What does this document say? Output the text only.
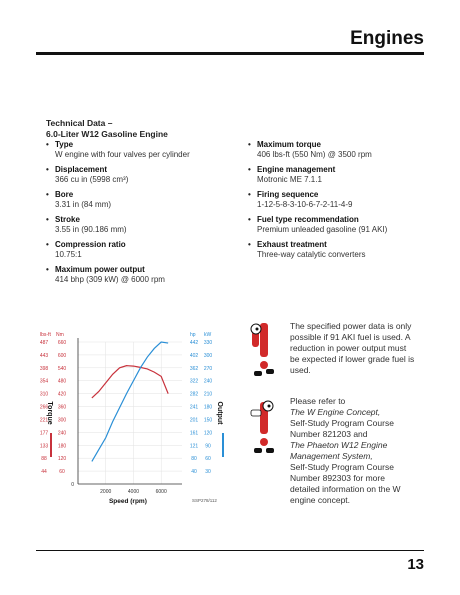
Engines
Technical Data –
6.0-Liter W12 Gasoline Engine
• Type
W engine with four valves per cylinder
• Displacement
366 cu in (5998 cm³)
• Bore
3.31 in (84 mm)
• Stroke
3.55 in (90.186 mm)
• Compression ratio
10.75:1
• Maximum power output
414 bhp (309 kW) @ 6000 rpm
• Maximum torque
406 lbs-ft (550 Nm) @ 3500 rpm
• Engine management
Motronic ME 7.1.1
• Firing sequence
1-12-5-8-3-10-6-7-2-11-4-9
• Fuel type recommendation
Premium unleaded gasoline (91 AKI)
• Exhaust treatment
Three-way catalytic converters
lbs-ft Nm	hp kW
44 60	40 30
88 120	80 60
133 180	121 90
177 240	161 120
221 300	201 150
266 360	241 180
310 420	282 210
354 480	322 240
398 540	362 270
443 600	402 300
487 660	442 330
0
2000	4000	6000
Speed (rpm)
Torque	Output
SSP278/112
The specified power data is only possible if 91 AKI fuel is used. A reduction in power output must be expected if lower grade fuel is used.
Please refer to
The W Engine Concept,
Self-Study Program Course Number 821203 and
The Phaeton W12 Engine Management System,
Self-Study Program Course Number 892303 for more detailed information on the W engine concept.
13
